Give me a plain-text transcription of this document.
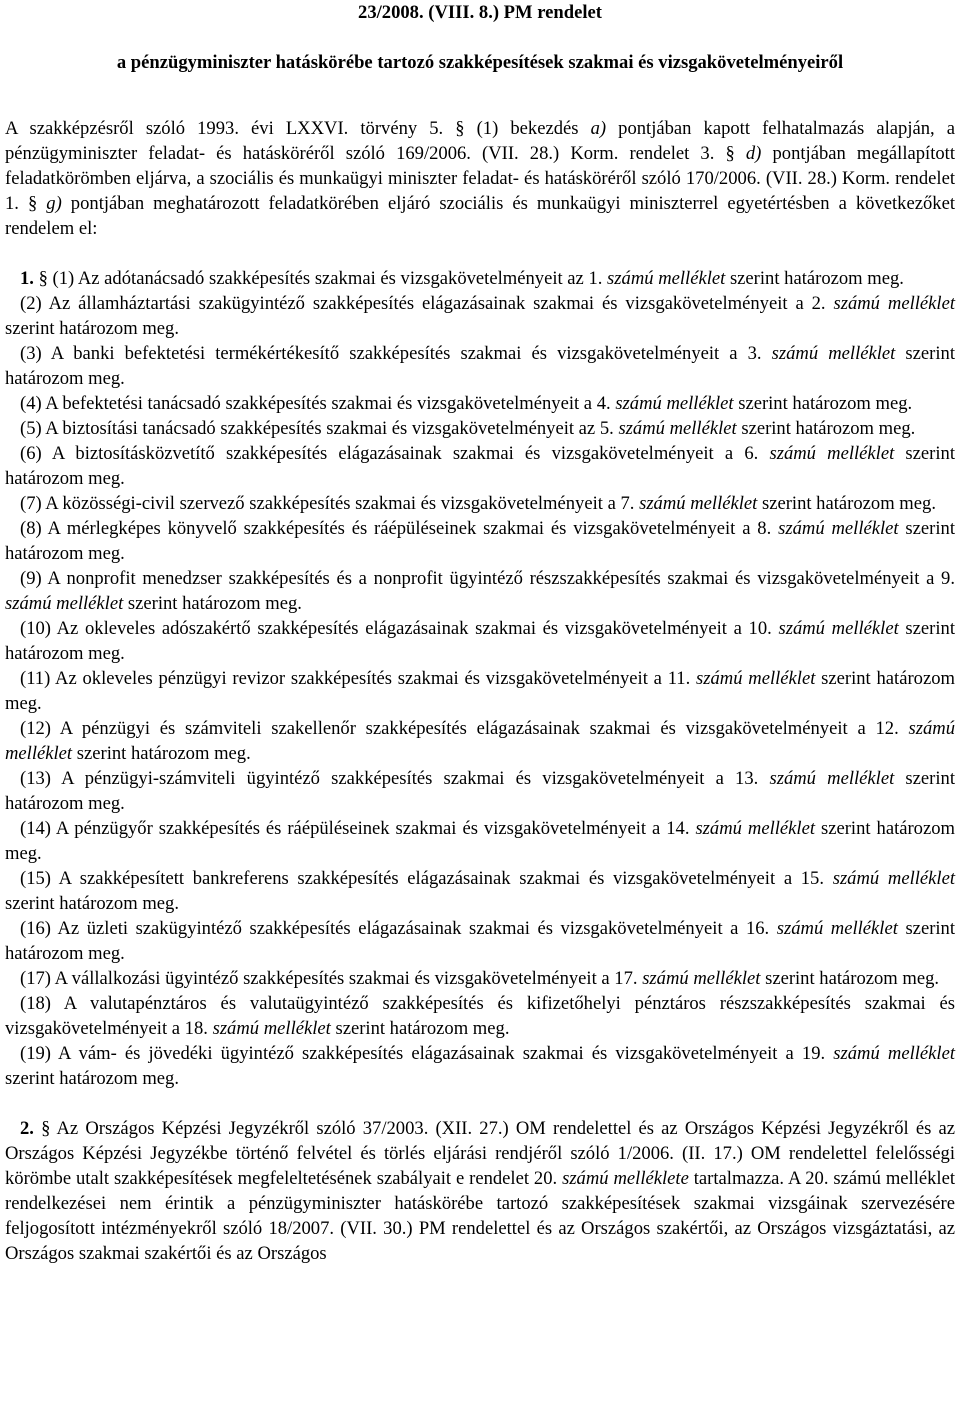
23/2008. (VIII. 8.) PM rendelet
a pénzügyminiszter hatáskörébe tartozó szakképesítések szakmai és vizsgakövetelményeiről

A szakképzésről szóló 1993. évi LXXVI. törvény 5. § (1) bekezdés a) pontjában kapott felhatalmazás alapján, a pénzügyminiszter feladat- és hatásköréről szóló 169/2006. (VII. 28.) Korm. rendelet 3. § d) pontjában megállapított feladatkörömben eljárva, a szociális és munkaügyi miniszter feladat- és hatásköréről szóló 170/2006. (VII. 28.) Korm. rendelet 1. § g) pontjában meghatározott feladatkörében eljáró szociális és munkaügyi miniszterrel egyetértésben a következőket rendelem el:

1. § (1) Az adótanácsadó szakképesítés szakmai és vizsgakövetelményeit az 1. számú melléklet szerint határozom meg.

(2) Az államháztartási szakügyintéző szakképesítés elágazásainak szakmai és vizsgakövetelményeit a 2. számú melléklet szerint határozom meg.

(3) A banki befektetési termékértékesítő szakképesítés szakmai és vizsgakövetelményeit a 3. számú melléklet szerint határozom meg.

(4) A befektetési tanácsadó szakképesítés szakmai és vizsgakövetelményeit a 4. számú melléklet szerint határozom meg.

(5) A biztosítási tanácsadó szakképesítés szakmai és vizsgakövetelményeit az 5. számú melléklet szerint határozom meg.

(6) A biztosításközvetítő szakképesítés elágazásainak szakmai és vizsgakövetelményeit a 6. számú melléklet szerint határozom meg.

(7) A közösségi-civil szervező szakképesítés szakmai és vizsgakövetelményeit a 7. számú melléklet szerint határozom meg.

(8) A mérlegképes könyvelő szakképesítés és ráépüléseinek szakmai és vizsgakövetelményeit a 8. számú melléklet szerint határozom meg.

(9) A nonprofit menedzser szakképesítés és a nonprofit ügyintéző részszakképesítés szakmai és vizsgakövetelményeit a 9. számú melléklet szerint határozom meg.

(10) Az okleveles adószakértő szakképesítés elágazásainak szakmai és vizsgakövetelményeit a 10. számú melléklet szerint határozom meg.

(11) Az okleveles pénzügyi revizor szakképesítés szakmai és vizsgakövetelményeit a 11. számú melléklet szerint határozom meg.

(12) A pénzügyi és számviteli szakellenőr szakképesítés elágazásainak szakmai és vizsgakövetelményeit a 12. számú melléklet szerint határozom meg.

(13) A pénzügyi-számviteli ügyintéző szakképesítés szakmai és vizsgakövetelményeit a 13. számú melléklet szerint határozom meg.

(14) A pénzügyőr szakképesítés és ráépüléseinek szakmai és vizsgakövetelményeit a 14. számú melléklet szerint határozom meg.

(15) A szakképesített bankreferens szakképesítés elágazásainak szakmai és vizsgakövetelményeit a 15. számú melléklet szerint határozom meg.

(16) Az üzleti szakügyintéző szakképesítés elágazásainak szakmai és vizsgakövetelményeit a 16. számú melléklet szerint határozom meg.

(17) A vállalkozási ügyintéző szakképesítés szakmai és vizsgakövetelményeit a 17. számú melléklet szerint határozom meg.

(18) A valutapénztáros és valutaügyintéző szakképesítés és kifizetőhelyi pénztáros részszakképesítés szakmai és vizsgakövetelményeit a 18. számú melléklet szerint határozom meg.

(19) A vám- és jövedéki ügyintéző szakképesítés elágazásainak szakmai és vizsgakövetelményeit a 19. számú melléklet szerint határozom meg.

2. § Az Országos Képzési Jegyzékről szóló 37/2003. (XII. 27.) OM rendelettel és az Országos Képzési Jegyzékről és az Országos Képzési Jegyzékbe történő felvétel és törlés eljárási rendjéről szóló 1/2006. (II. 17.) OM rendelettel felelősségi körömbe utalt szakképesítések megfeleltetésének szabályait e rendelet 20. számú melléklete tartalmazza. A 20. számú melléklet rendelkezései nem érintik a pénzügyminiszter hatáskörébe tartozó szakképesítések szakmai vizsgáinak szervezésére feljogosított intézményekről szóló 18/2007. (VII. 30.) PM rendelettel és az Országos szakértői, az Országos vizsgáztatási, az Országos szakmai szakértői és az Országos
